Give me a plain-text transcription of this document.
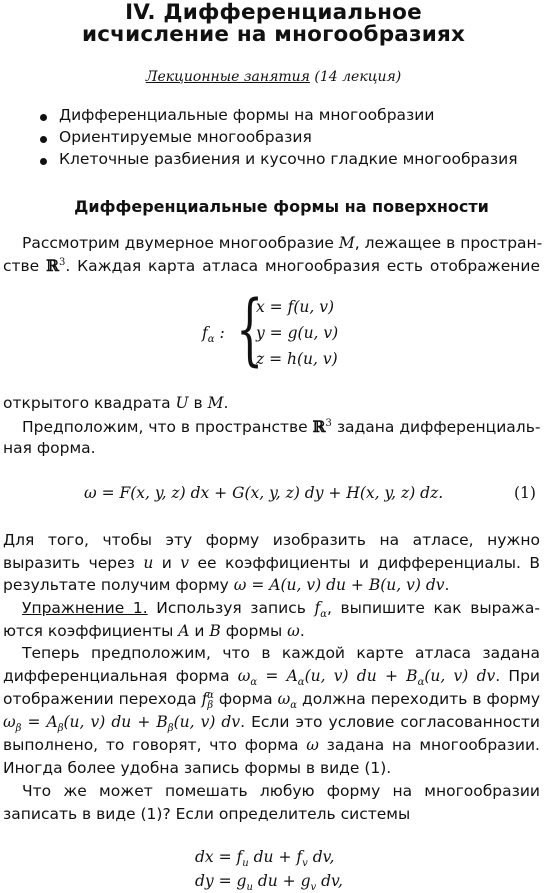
IV. Дифференциальное
исчисление на многообразиях
Лекционные занятия (14 лекция)
Дифференциальные формы на многообразии
Ориентируемые многообразия
Клеточные разбиения и кусочно гладкие многообразия
Дифференциальные формы на поверхности
Рассмотрим двумерное многообразие M, лежащее в простран-
стве ℝ$^3$. Каждая карта атласа многообразия есть отображение
$f_\alpha$ : {
x = f(u, v)
y = g(u, v)
z = h(u, v)
открытого квадрата U в M.
Предположим, что в пространстве ℝ$^3$ задана дифференциаль-
ная форма.
ω = F(x, y, z) dx + G(x, y, z) dy + H(x, y, z) dz.	(1)
Для того, чтобы эту форму изобразить на атласе, нужно
выразить через u и v ее коэффициенты и дифференциалы. В
результате получим форму ω = A(u, v) du + B(u, v) dv.
Упражнение 1. Используя запись $f_\alpha$, выпишите как выража-
ются коэффициенты A и B формы ω.
Теперь предположим, что в каждой карте атласа задана
дифференциальная форма $\omega_\alpha = A_\alpha(u$, v) du + $B_\alpha(u$, v) dv. При
отображении перехода $f_\beta^\alpha$ форма $\omega_\alpha$ должна переходить в форму
$\omega_\beta = A_\beta(u$, v) du + $B_\beta(u$, v) dv. Если это условие согласованности
выполнено, то говорят, что форма ω задана на многообразии.
Иногда более удобна запись формы в виде (1).
Что же может помешать любую форму на многообразии
записать в виде (1)? Если определитель системы
dx = $f_u$ du + $f_v$ dv,
dy = $g_u$ du + $g_v$ dv,
